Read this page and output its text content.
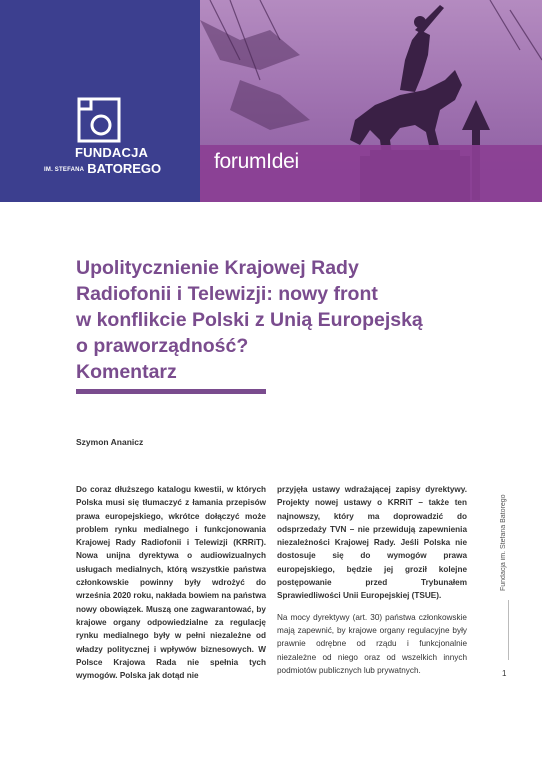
FUNDACJA
IM. STEFANA BATOREGO	forumIdei
Upolitycznienie Krajowej Rady
Radiofonii i Telewizji: nowy front
w konflikcie Polski z Unią Europejską
o praworządność?
Komentarz
Szymon Ananicz

Do coraz dłuższego katalogu kwestii, w których Polska musi się tłumaczyć z łamania przepisów prawa europejskiego, wkrótce dołączyć może problem rynku medialnego i funkcjonowania Krajowej Rady Radiofonii i Telewizji (KRRiT). Nowa unijna dyrektywa o audiowizualnych usługach medialnych, którą wszystkie państwa członkowskie powinny były wdrożyć do września 2020 roku, nakłada bowiem na państwa nowy obowiązek. Muszą one zagwarantować, by krajowe organy odpowiedzialne za regulację rynku medialnego były w pełni niezależne od władzy politycznej i wpływów biznesowych. W Polsce Krajowa Rada nie spełnia tych wymogów. Polska jak dotąd nie

przyjęła ustawy wdrażającej zapisy dyrektywy. Projekty nowej ustawy o KRRiT – także ten najnowszy, który ma doprowadzić do odsprzedaży TVN – nie przewidują zapewnienia niezależności Krajowej Rady. Jeśli Polska nie dostosuje się do wymogów prawa europejskiego, będzie jej groził kolejne postępowanie przed Trybunałem Sprawiedliwości Unii Europejskiej (TSUE).

Na mocy dyrektywy (art. 30) państwa członkowskie mają zapewnić, by krajowe organy regulacyjne były prawnie odrębne od rządu i funkcjonalnie niezależne od niego oraz od wszelkich innych podmiotów publicznych lub prywatnych.

Fundacja im. Stefana Batorego
1
